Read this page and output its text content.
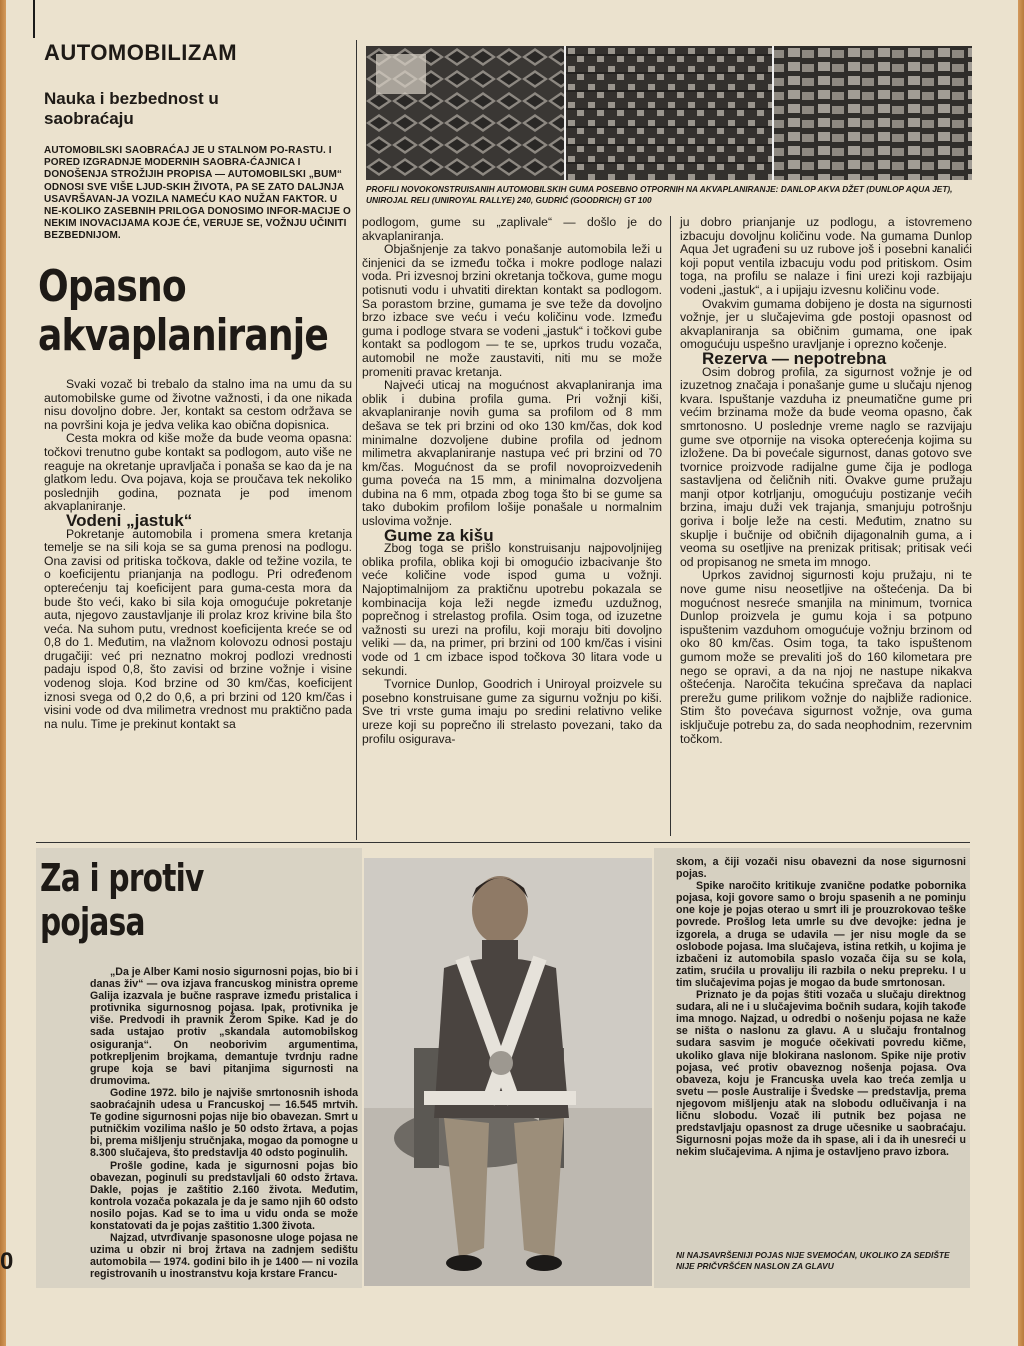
AUTOMOBILIZAM
Nauka i bezbednost u saobraćaju
AUTOMOBILSKI SAOBRAĆAJ JE U STALNOM PO-RASTU. I PORED IZGRADNJE MODERNIH SAOBRA-ĆAJNICA I DONOŠENJA STROŽIJIH PROPISA — AUTOMOBILSKI „BUM“ ODNOSI SVE VIŠE LJUD-SKIH ŽIVOTA, PA SE ZATO DALJNJA USAVRŠAVAN-JA VOZILA NAMEĆU KAO NUŽAN FAKTOR. U NE-KOLIKO ZASEBNIH PRILOGA DONOSIMO INFOR-MACIJE O NEKIM INOVACIJAMA KOJE ĆE, VERUJE SE, VOŽNJU UČINITI BEZBEDNIJOM.
Opasno akvaplaniranje
PROFILI NOVOKONSTRUISANIH AUTOMOBILSKIH GUMA POSEBNO OTPORNIH NA AKVAPLANIRANJE: DANLOP AKVA DŽET (DUNLOP AQUA JET), UNIROJAL RELI (UNIROYAL RALLYE) 240, GUDRIĆ (GOODRICH) GT 100

Svaki vozač bi trebalo da stalno ima na umu da su automobilske gume od životne važnosti, i da one nikada nisu dovoljno dobre. Jer, kontakt sa cestom održava se na površini koja je jedva velika kao obična dopisnica.

Cesta mokra od kiše može da bude veoma opasna: točkovi trenutno gube kontakt sa podlogom, auto više ne reaguje na okretanje upravljača i ponaša se kao da je na glatkom ledu. Ova pojava, koja se proučava tek nekoliko poslednjih godina, poznata je pod imenom akvaplaniranje.

Vodeni „jastuk“

Pokretanje automobila i promena smera kretanja temelje se na sili koja se sa guma prenosi na podlogu. Ona zavisi od pritiska točkova, dakle od težine vozila, te o koeficijentu prianjanja na podlogu. Pri određenom opterećenju taj koeficijent para guma-cesta mora da bude što veći, kako bi sila koja omogućuje pokretanje auta, njegovo zaustavljanje ili prolaz kroz krivine bila što veća. Na suhom putu, vrednost koeficijenta kreće se od 0,8 do 1. Međutim, na vlažnom kolovozu odnosi postaju drugačiji: već pri neznatno mokroj podlozi vrednosti padaju ispod 0,8, što zavisi od brzine vožnje i visine vodenog sloja. Kod brzine od 30 km/čas, koeficijent iznosi svega od 0,2 do 0,6, a pri brzini od 120 km/čas i visini vode od dva milimetra vrednost mu praktično pada na nulu. Time je prekinut kontakt sa

podlogom, gume su „zaplivale“ — došlo je do akvaplaniranja.

Objašnjenje za takvo ponašanje automobila leži u činjenici da se između točka i mokre podloge nalazi voda. Pri izvesnoj brzini okretanja točkova, gume mogu potisnuti vodu i uhvatiti direktan kontakt sa podlogom. Sa porastom brzine, gumama je sve teže da dovoljno brzo izbace sve veću i veću količinu vode. Između guma i podloge stvara se vodeni „jastuk“ i točkovi gube kontakt sa podlogom — te se, uprkos trudu vozača, automobil ne može zaustaviti, niti mu se može promeniti pravac kretanja.

Najveći uticaj na mogućnost akvaplaniranja ima oblik i dubina profila guma. Pri vožnji kiši, akvaplaniranje novih guma sa profilom od 8 mm dešava se tek pri brzini od oko 130 km/čas, dok kod minimalne dozvoljene dubine profila od jednom milimetra akvaplaniranje nastupa već pri brzini od 70 km/čas. Mogućnost da se profil novoproizvedenih guma poveća na 15 mm, a minimalna dozvoljena dubina na 6 mm, otpada zbog toga što bi se gume sa tako dubokim profilom lošije ponašale u normalnim uslovima vožnje.

Gume za kišu

Zbog toga se prišlo konstruisanju najpovoljnijeg oblika profila, oblika koji bi omogućio izbacivanje što veće količine vode ispod guma u vožnji. Najoptimalnijom za praktičnu upotrebu pokazala se kombinacija koja leži negde između uzdužnog, poprečnog i strelastog profila. Osim toga, od izuzetne važnosti su urezi na profilu, koji moraju biti dovoljno veliki — da, na primer, pri brzini od 100 km/čas i visini vode od 1 cm izbace ispod točkova 30 litara vode u sekundi.

Tvornice Dunlop, Goodrich i Uniroyal proizvele su posebno konstruisane gume za sigurnu vožnju po kiši. Sve tri vrste guma imaju po sredini relativno velike ureze koji su poprečno ili strelasto povezani, tako da profilu osigurava-

ju dobro prianjanje uz podlogu, a istovremeno izbacuju dovoljnu količinu vode. Na gumama Dunlop Aqua Jet ugrađeni su uz rubove još i posebni kanalići koji poput ventila izbacuju vodu pod pritiskom. Osim toga, na profilu se nalaze i fini urezi koji razbijaju vodeni „jastuk“, a i upijaju izvesnu količinu vode.

Ovakvim gumama dobijeno je dosta na sigurnosti vožnje, jer u slučajevima gde postoji opasnost od akvaplaniranja sa običnim gumama, one ipak omogućuju uspešno uravljanje i oprezno kočenje.

Rezerva — nepotrebna

Osim dobrog profila, za sigurnost vožnje je od izuzetnog značaja i ponašanje gume u slučaju njenog kvara. Ispuštanje vazduha iz pneumatične gume pri većim brzinama može da bude veoma opasno, čak smrtonosno. U poslednje vreme naglo se razvijaju gume sve otpornije na visoka opterećenja kojima su izložene. Da bi povećale sigurnost, danas gotovo sve tvornice proizvode radijalne gume čija je podloga sastavljena od čeličnih niti. Ovakve gume pružaju manji otpor kotrljanju, omogućuju postizanje većih brzina, imaju duži vek trajanja, smanjuju potrošnju goriva i bolje leže na cesti. Međutim, znatno su skuplje i bučnije od običnih dijagonalnih guma, a i veoma su osetljive na prenizak pritisak; pritisak veći od propisanog ne smeta im mnogo.

Uprkos zavidnoj sigurnosti koju pružaju, ni te nove gume nisu neosetljive na oštećenja. Da bi mogućnost nesreće smanjila na minimum, tvornica Dunlop proizvela je gumu koja i sa potpuno ispuštenim vazduhom omogućuje vožnju brzinom od oko 80 km/čas. Osim toga, ta tako ispuštenom gumom može se prevaliti još do 160 kilometara pre nego se opravi, a da na njoj ne nastupe nikakva oštećenja. Naročita tekućina sprečava da naplaci prerežu gume prilikom vožnje do najbliže radionice. Stim što povećava sigurnost vožnje, ova guma isključuje potrebu za, do sada neophodnim, rezervnim točkom.

Za i protiv pojasa

„Da je Alber Kami nosio sigurnosni pojas, bio bi i danas živ“ — ova izjava francuskog ministra opreme Galija izazvala je bučne rasprave između pristalica i protivnika sigurnosnog pojasa. Ipak, protivnika je više. Predvodi ih pravnik Žerom Spike. Kad je do sada ustajao protiv „skandala automobilskog osiguranja“. On neoborivim argumentima, potkrepljenim brojkama, demantuje tvrdnju radne grupe koja se bavi pitanjima sigurnosti na drumovima.

Godine 1972. bilo je najviše smrtonosnih ishoda saobraćajnih udesa u Francuskoj — 16.545 mrtvih. Te godine sigurnosni pojas nije bio obavezan. Smrt u putničkim vozilima našlo je 50 odsto žrtava, a pojas bi, prema mišljenju stručnjaka, mogao da pomogne u 8.300 slučajeva, što predstavlja 40 odsto poginulih.

Prošle godine, kada je sigurnosni pojas bio obavezan, poginuli su predstavljali 60 odsto žrtava. Dakle, pojas je zaštitio 2.160 života. Međutim, kontrola vozača pokazala je da je samo njih 60 odsto nosilo pojas. Kad se to ima u vidu onda se može konstatovati da je pojas zaštitio 1.300 života.

Najzad, utvrđivanje spasonosne uloge pojasa ne uzima u obzir ni broj žrtava na zadnjem sedištu automobila — 1974. godini bilo ih je 1400 — ni vozila registrovanih u inostranstvu koja krstare Francu-

skom, a čiji vozači nisu obavezni da nose sigurnosni pojas.

Spike naročito kritikuje zvanične podatke pobornika pojasa, koji govore samo o broju spasenih a ne pominju one koje je pojas oterao u smrt ili je prouzrokovao teške povrede. Prošlog leta umrle su dve devojke: jedna je izgorela, a druga se udavila — jer nisu mogle da se oslobode pojasa. Ima slučajeva, istina retkih, u kojima je izbačeni iz automobila spaslo vozača čija su se kola, zatim, srućila u provaliju ili razbila o neku prepreku. I u tim slučajevima pojas je mogao da bude smrtonosan.

Priznato je da pojas štiti vozača u slučaju direktnog sudara, ali ne i u slučajevima bočnih sudara, kojih takođe ima mnogo. Najzad, u odredbi o nošenju pojasa ne kaže se ništa o naslonu za glavu. A u slučaju frontalnog sudara sasvim je moguće očekivati povredu kičme, ukoliko glava nije blokirana naslonom. Spike nije protiv pojasa, već protiv obaveznog nošenja pojasa. Ova obaveza, koju je Francuska uvela kao treća zemlja u svetu — posle Australije i Švedske — predstavlja, prema njegovom mišljenju atak na slobodu odlučivanja i na ličnu slobodu. Vozač ili putnik bez pojasa ne predstavljaju opasnost za druge učesnike u saobraćaju. Sigurnosni pojas može da ih spase, ali i da ih unesreći u nekim slučajevima. A njima je ostavljeno pravo izbora.

NI NAJSAVRŠENIJI POJAS NIJE SVEMOĆAN, UKOLIKO ZA SEDIŠTE NIJE PRIČVRŠĆEN NASLON ZA GLAVU
0
